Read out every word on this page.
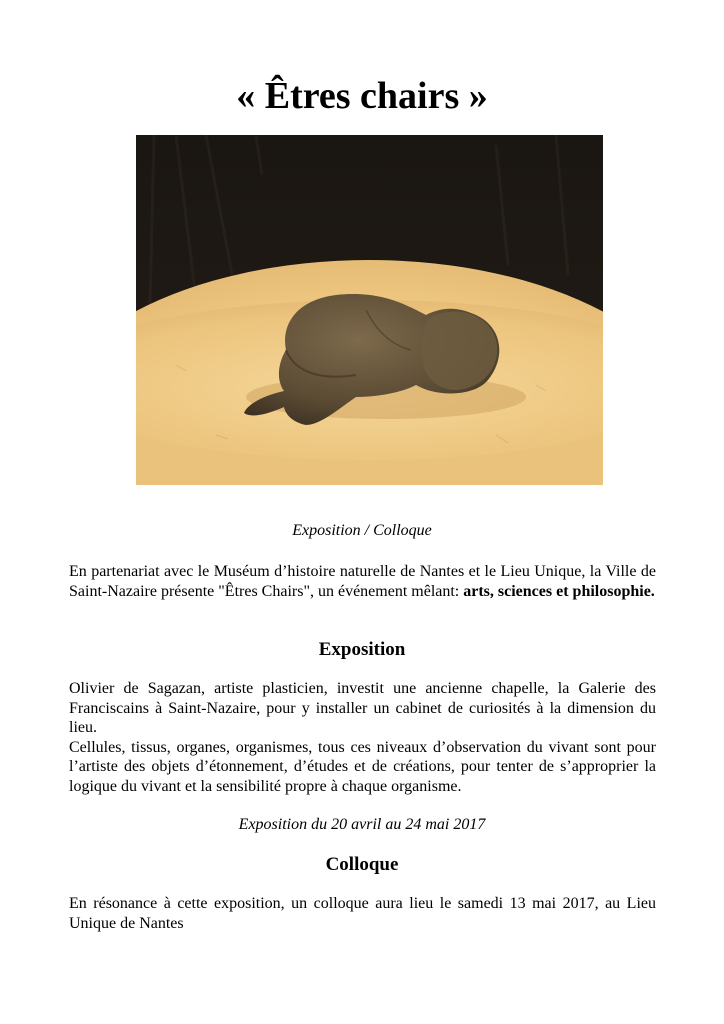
« Êtres chairs »
Exposition / Colloque

En partenariat avec le Muséum d’histoire naturelle de Nantes et le Lieu Unique, la Ville de Saint-Nazaire présente "Êtres Chairs", un événement mêlant: arts, sciences et philosophie.

Exposition
Olivier de Sagazan, artiste plasticien, investit une ancienne chapelle, la Galerie des Franciscains à Saint-Nazaire, pour y installer un cabinet de curiosités à la dimension du lieu.
Cellules, tissus, organes, organismes, tous ces niveaux d’observation du vivant sont pour l’artiste des objets d’étonnement, d’études et de créations, pour tenter de s’approprier la logique du vivant et la sensibilité propre à chaque organisme.
Exposition du 20 avril au 24 mai 2017
Colloque

En résonance à cette exposition, un colloque aura lieu le samedi 13 mai 2017, au Lieu Unique de Nantes
